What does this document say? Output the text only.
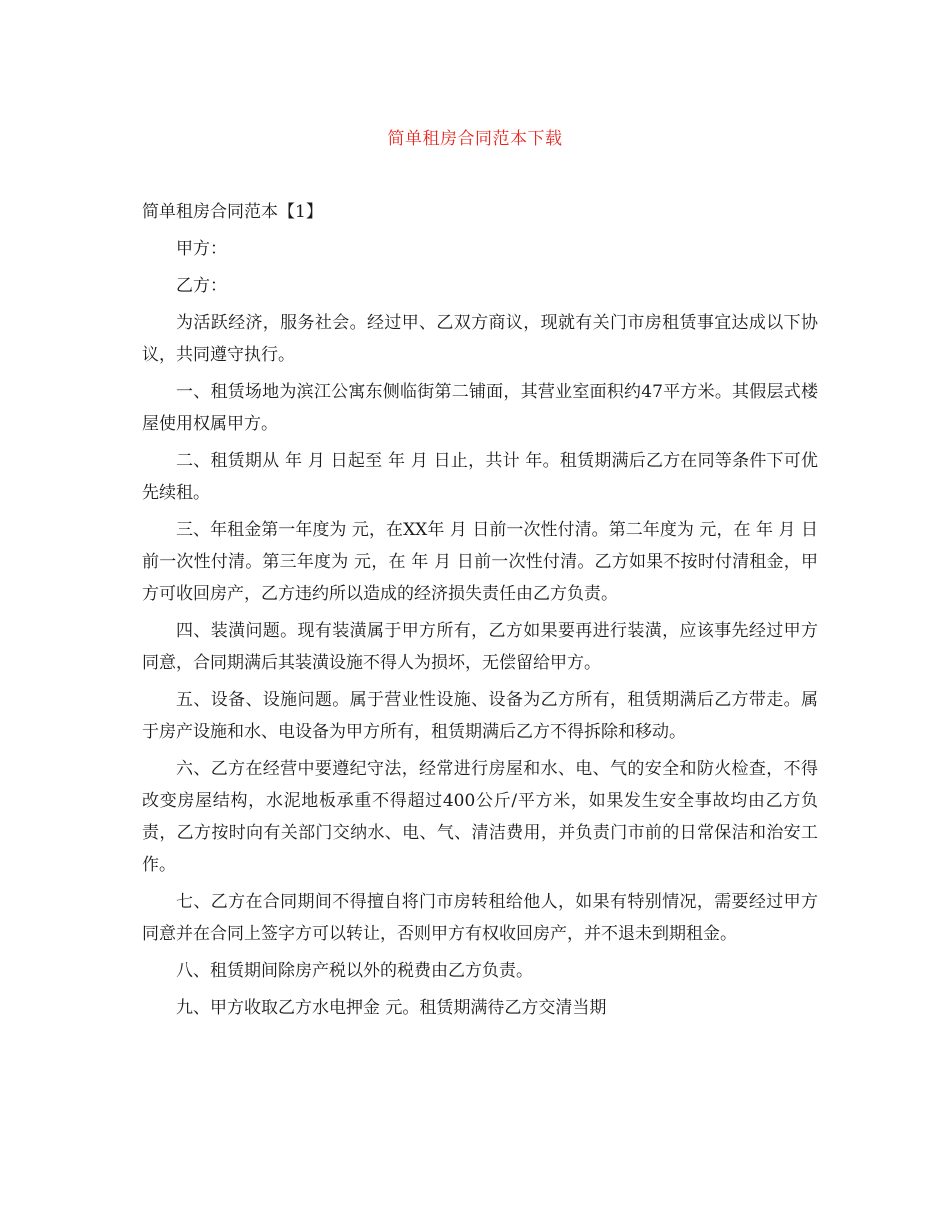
简单租房合同范本下载

简单租房合同范本【1】

甲方：

乙方：

为活跃经济，服务社会。经过甲、乙双方商议，现就有关门市房租赁事宜达成以下协议，共同遵守执行。

一、租赁场地为滨江公寓东侧临街第二铺面，其营业室面积约47平方米。其假层式楼屋使用权属甲方。

二、租赁期从 年 月 日起至 年 月 日止，共计 年。租赁期满后乙方在同等条件下可优先续租。

三、年租金第一年度为 元，在XX年 月 日前一次性付清。第二年度为 元，在 年 月 日前一次性付清。第三年度为 元，在 年 月 日前一次性付清。乙方如果不按时付清租金，甲方可收回房产，乙方违约所以造成的经济损失责任由乙方负责。

四、装潢问题。现有装潢属于甲方所有，乙方如果要再进行装潢，应该事先经过甲方同意，合同期满后其装潢设施不得人为损坏，无偿留给甲方。

五、设备、设施问题。属于营业性设施、设备为乙方所有，租赁期满后乙方带走。属于房产设施和水、电设备为甲方所有，租赁期满后乙方不得拆除和移动。

六、乙方在经营中要遵纪守法，经常进行房屋和水、电、气的安全和防火检查，不得改变房屋结构，水泥地板承重不得超过400公斤/平方米，如果发生安全事故均由乙方负责，乙方按时向有关部门交纳水、电、气、清洁费用，并负责门市前的日常保洁和治安工作。

七、乙方在合同期间不得擅自将门市房转租给他人，如果有特别情况，需要经过甲方同意并在合同上签字方可以转让，否则甲方有权收回房产，并不退未到期租金。

八、租赁期间除房产税以外的税费由乙方负责。

九、甲方收取乙方水电押金 元。租赁期满待乙方交清当期
